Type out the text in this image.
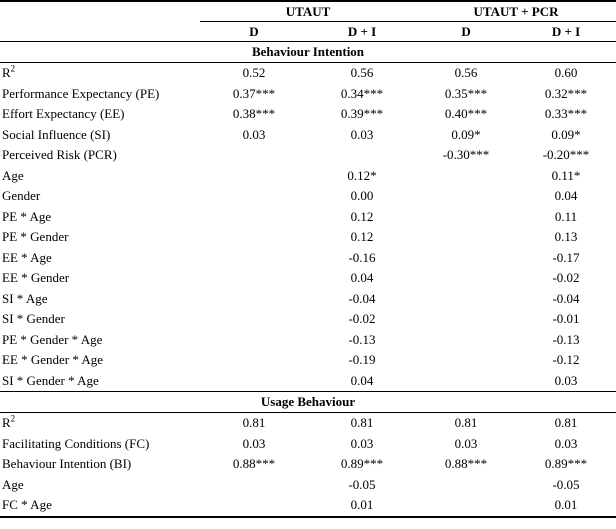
	UTAUT		UTAUT + PCR	
	D	D + I	D	D + I
Behaviour Intention				
$R^2$	0.52	0.56	0.56	0.60
Performance Expectancy (PE)	0.37***	0.34***	0.35***	0.32***
Effort Expectancy (EE)	0.38***	0.39***	0.40***	0.33***
Social Influence (SI)	0.03	0.03	0.09*	0.09*
Perceived Risk (PCR)			-0.30***	-0.20***
Age		0.12*		0.11*
Gender		0.00		0.04
PE * Age		0.12		0.11
PE * Gender		0.12		0.13
EE * Age		-0.16		-0.17
EE * Gender		0.04		-0.02
SI * Age		-0.04		-0.04
SI * Gender		-0.02		-0.01
PE * Gender * Age		-0.13		-0.13
EE * Gender * Age		-0.19		-0.12
SI * Gender * Age		0.04		0.03
Usage Behaviour				
$R^2$	0.81	0.81	0.81	0.81
Facilitating Conditions (FC)	0.03	0.03	0.03	0.03
Behaviour Intention (BI)	0.88***	0.89***	0.88***	0.89***
Age		-0.05		-0.05
FC * Age		0.01		0.01
